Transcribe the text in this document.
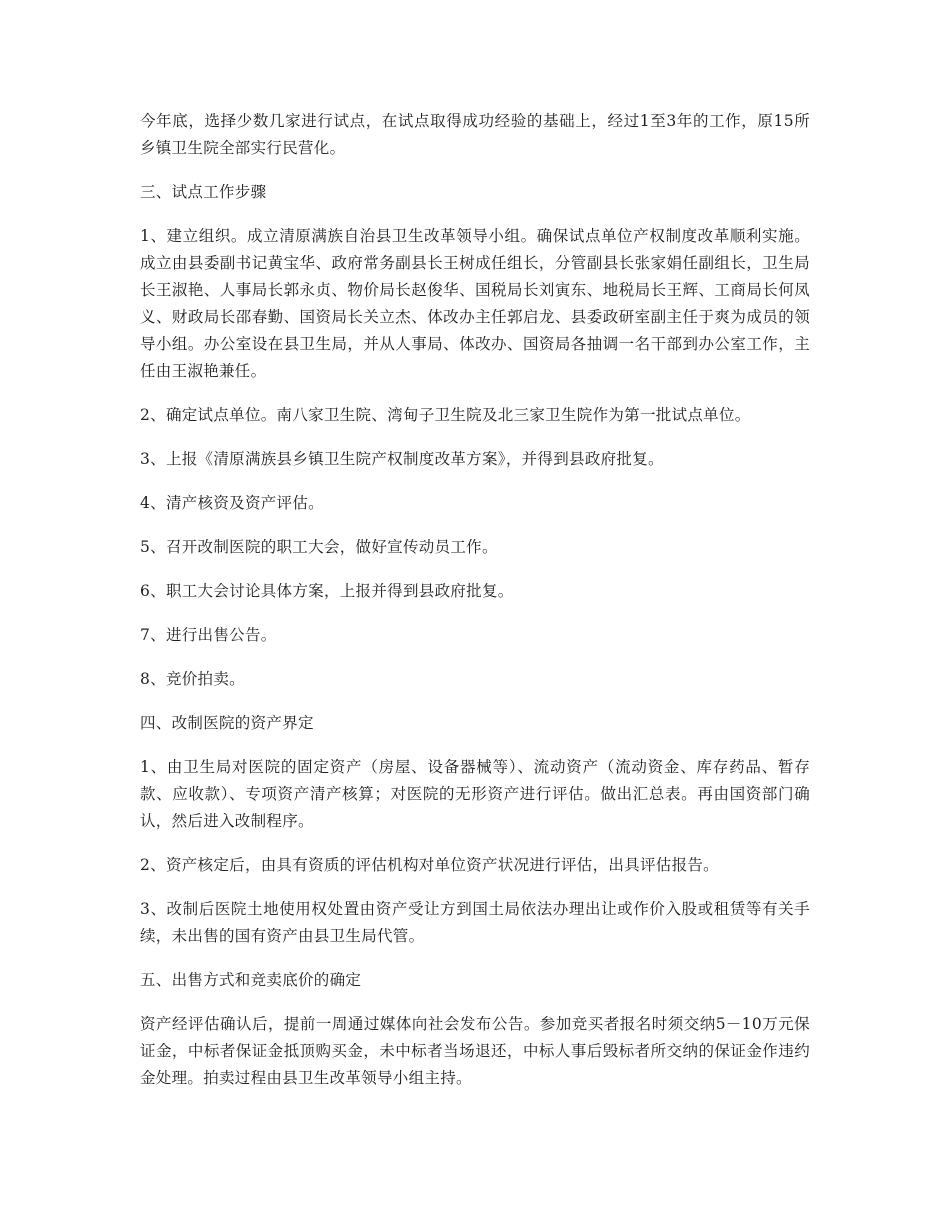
今年底，选择少数几家进行试点，在试点取得成功经验的基础上，经过1至3年的工作，原15所乡镇卫生院全部实行民营化。

三、试点工作步骤

1、建立组织。成立清原满族自治县卫生改革领导小组。确保试点单位产权制度改革顺利实施。成立由县委副书记黄宝华、政府常务副县长王树成任组长，分管副县长张家娟任副组长，卫生局长王淑艳、人事局长郭永贞、物价局长赵俊华、国税局长刘寅东、地税局长王辉、工商局长何凤义、财政局长邵春勤、国资局长关立杰、体改办主任郭启龙、县委政研室副主任于爽为成员的领导小组。办公室设在县卫生局，并从人事局、体改办、国资局各抽调一名干部到办公室工作，主任由王淑艳兼任。

2、确定试点单位。南八家卫生院、湾甸子卫生院及北三家卫生院作为第一批试点单位。

3、上报《清原满族县乡镇卫生院产权制度改革方案》，并得到县政府批复。

4、清产核资及资产评估。

5、召开改制医院的职工大会，做好宣传动员工作。

6、职工大会讨论具体方案，上报并得到县政府批复。

7、进行出售公告。

8、竞价拍卖。

四、改制医院的资产界定

1、由卫生局对医院的固定资产（房屋、设备器械等）、流动资产（流动资金、库存药品、暂存款、应收款）、专项资产清产核算；对医院的无形资产进行评估。做出汇总表。再由国资部门确认，然后进入改制程序。

2、资产核定后，由具有资质的评估机构对单位资产状况进行评估，出具评估报告。

3、改制后医院土地使用权处置由资产受让方到国土局依法办理出让或作价入股或租赁等有关手续，未出售的国有资产由县卫生局代管。

五、出售方式和竞卖底价的确定

资产经评估确认后，提前一周通过媒体向社会发布公告。参加竞买者报名时须交纳5－10万元保证金，中标者保证金抵顶购买金，未中标者当场退还，中标人事后毁标者所交纳的保证金作违约金处理。拍卖过程由县卫生改革领导小组主持。
